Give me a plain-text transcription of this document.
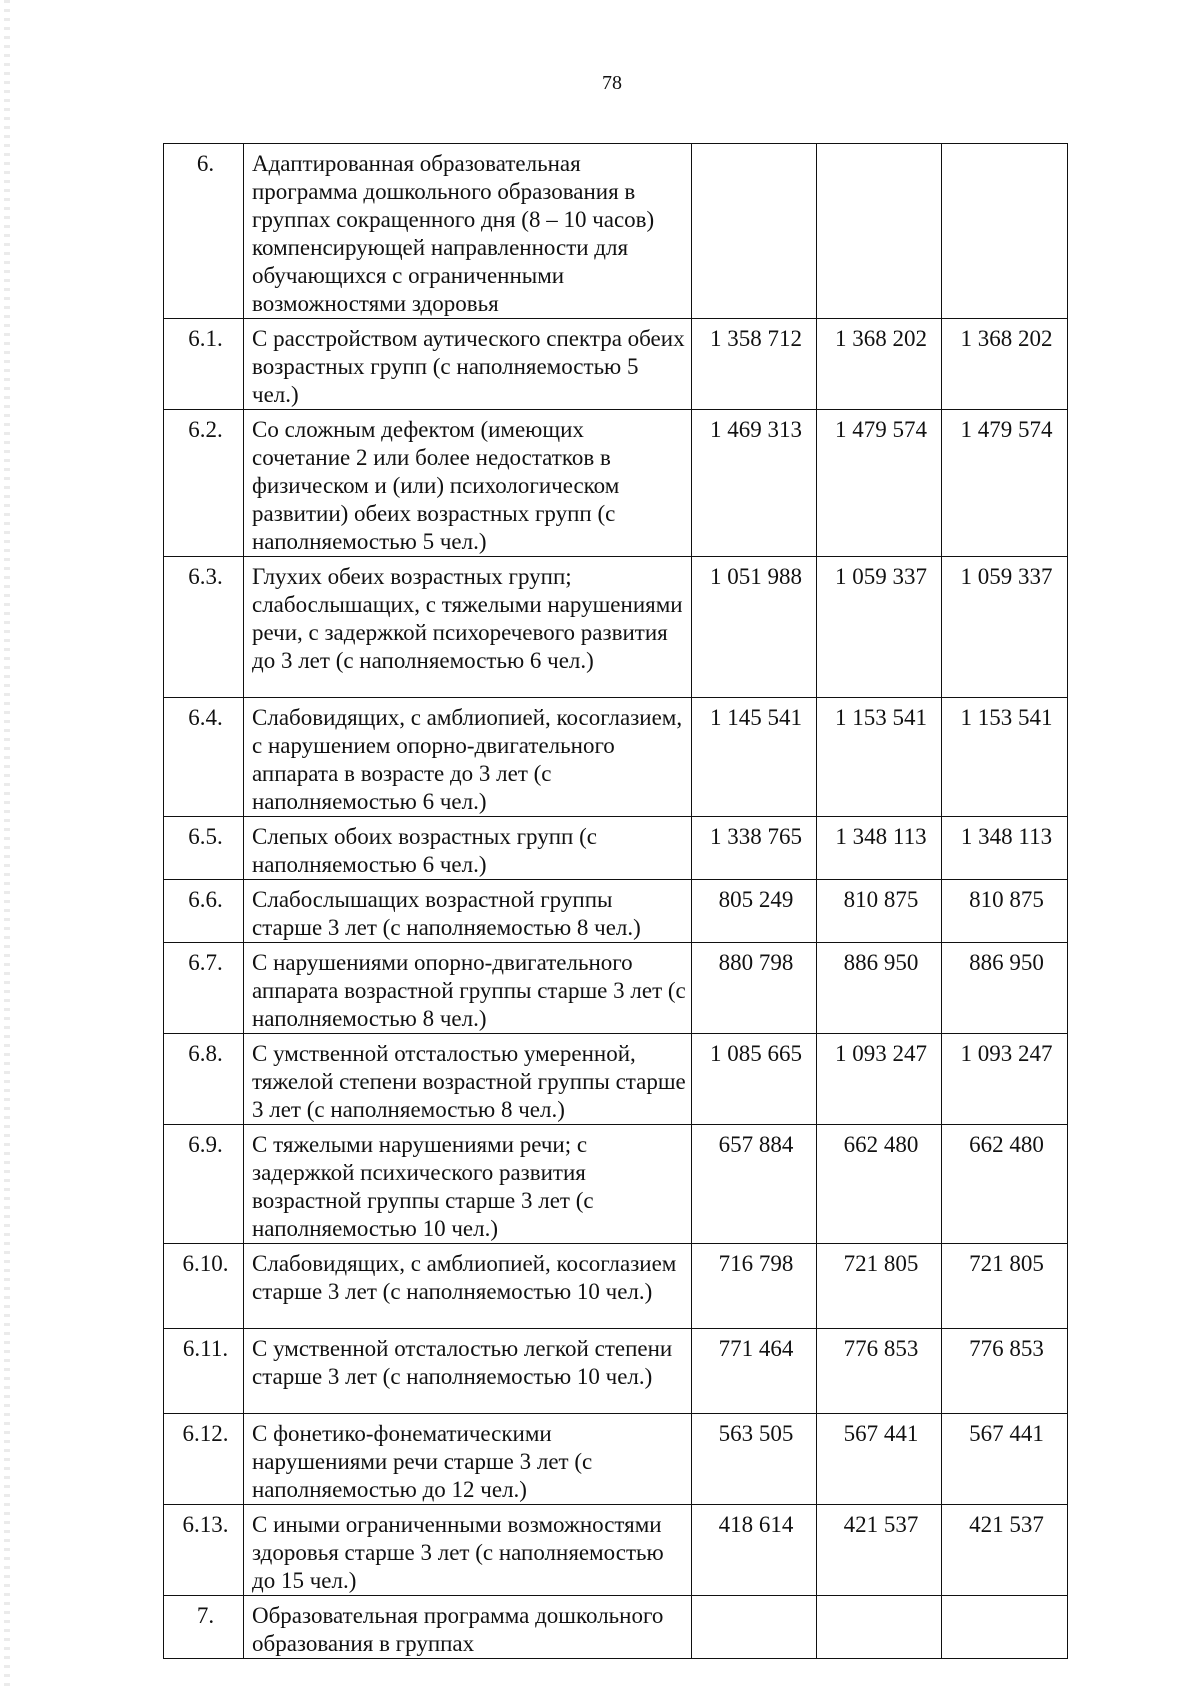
78
6.	Адаптированная образовательная программа дошкольного образования в группах сокращенного дня (8 – 10 часов) компенсирующей направленности для обучающихся с ограниченными возможностями здоровья			
6.1.	С расстройством аутического спектра обеих возрастных групп (с наполняемостью 5 чел.)	1 358 712	1 368 202	1 368 202
6.2.	Со сложным дефектом (имеющих сочетание 2 или более недостатков в физическом и (или) психологическом развитии) обеих возрастных групп (с наполняемостью 5 чел.)	1 469 313	1 479 574	1 479 574
6.3.	Глухих обеих возрастных групп; слабослышащих, с тяжелыми нарушениями речи, с задержкой психоречевого развития до 3 лет (с наполняемостью 6 чел.)	1 051 988	1 059 337	1 059 337
6.4.	Слабовидящих, с амблиопией, косоглазием, с нарушением опорно-двигательного аппарата в возрасте до 3 лет (с наполняемостью 6 чел.)	1 145 541	1 153 541	1 153 541
6.5.	Слепых обоих возрастных групп (с наполняемостью 6 чел.)	1 338 765	1 348 113	1 348 113
6.6.	Слабослышащих возрастной группы старше 3 лет (с наполняемостью 8 чел.)	805 249	810 875	810 875
6.7.	С нарушениями опорно-двигательного аппарата возрастной группы старше 3 лет (с наполняемостью 8 чел.)	880 798	886 950	886 950
6.8.	С умственной отсталостью умеренной, тяжелой степени возрастной группы старше 3 лет (с наполняемостью 8 чел.)	1 085 665	1 093 247	1 093 247
6.9.	С тяжелыми нарушениями речи; с задержкой психического развития возрастной группы старше 3 лет (с наполняемостью 10 чел.)	657 884	662 480	662 480
6.10.	Слабовидящих, с амблиопией, косоглазием старше 3 лет (с наполняемостью 10 чел.)	716 798	721 805	721 805
6.11.	С умственной отсталостью легкой степени старше 3 лет (с наполняемостью 10 чел.)	771 464	776 853	776 853
6.12.	С фонетико-фонематическими нарушениями речи старше 3 лет (с наполняемостью до 12 чел.)	563 505	567 441	567 441
6.13.	С иными ограниченными возможностями здоровья старше 3 лет (с наполняемостью до 15 чел.)	418 614	421 537	421 537
7.	Образовательная программа дошкольного образования в группах			
